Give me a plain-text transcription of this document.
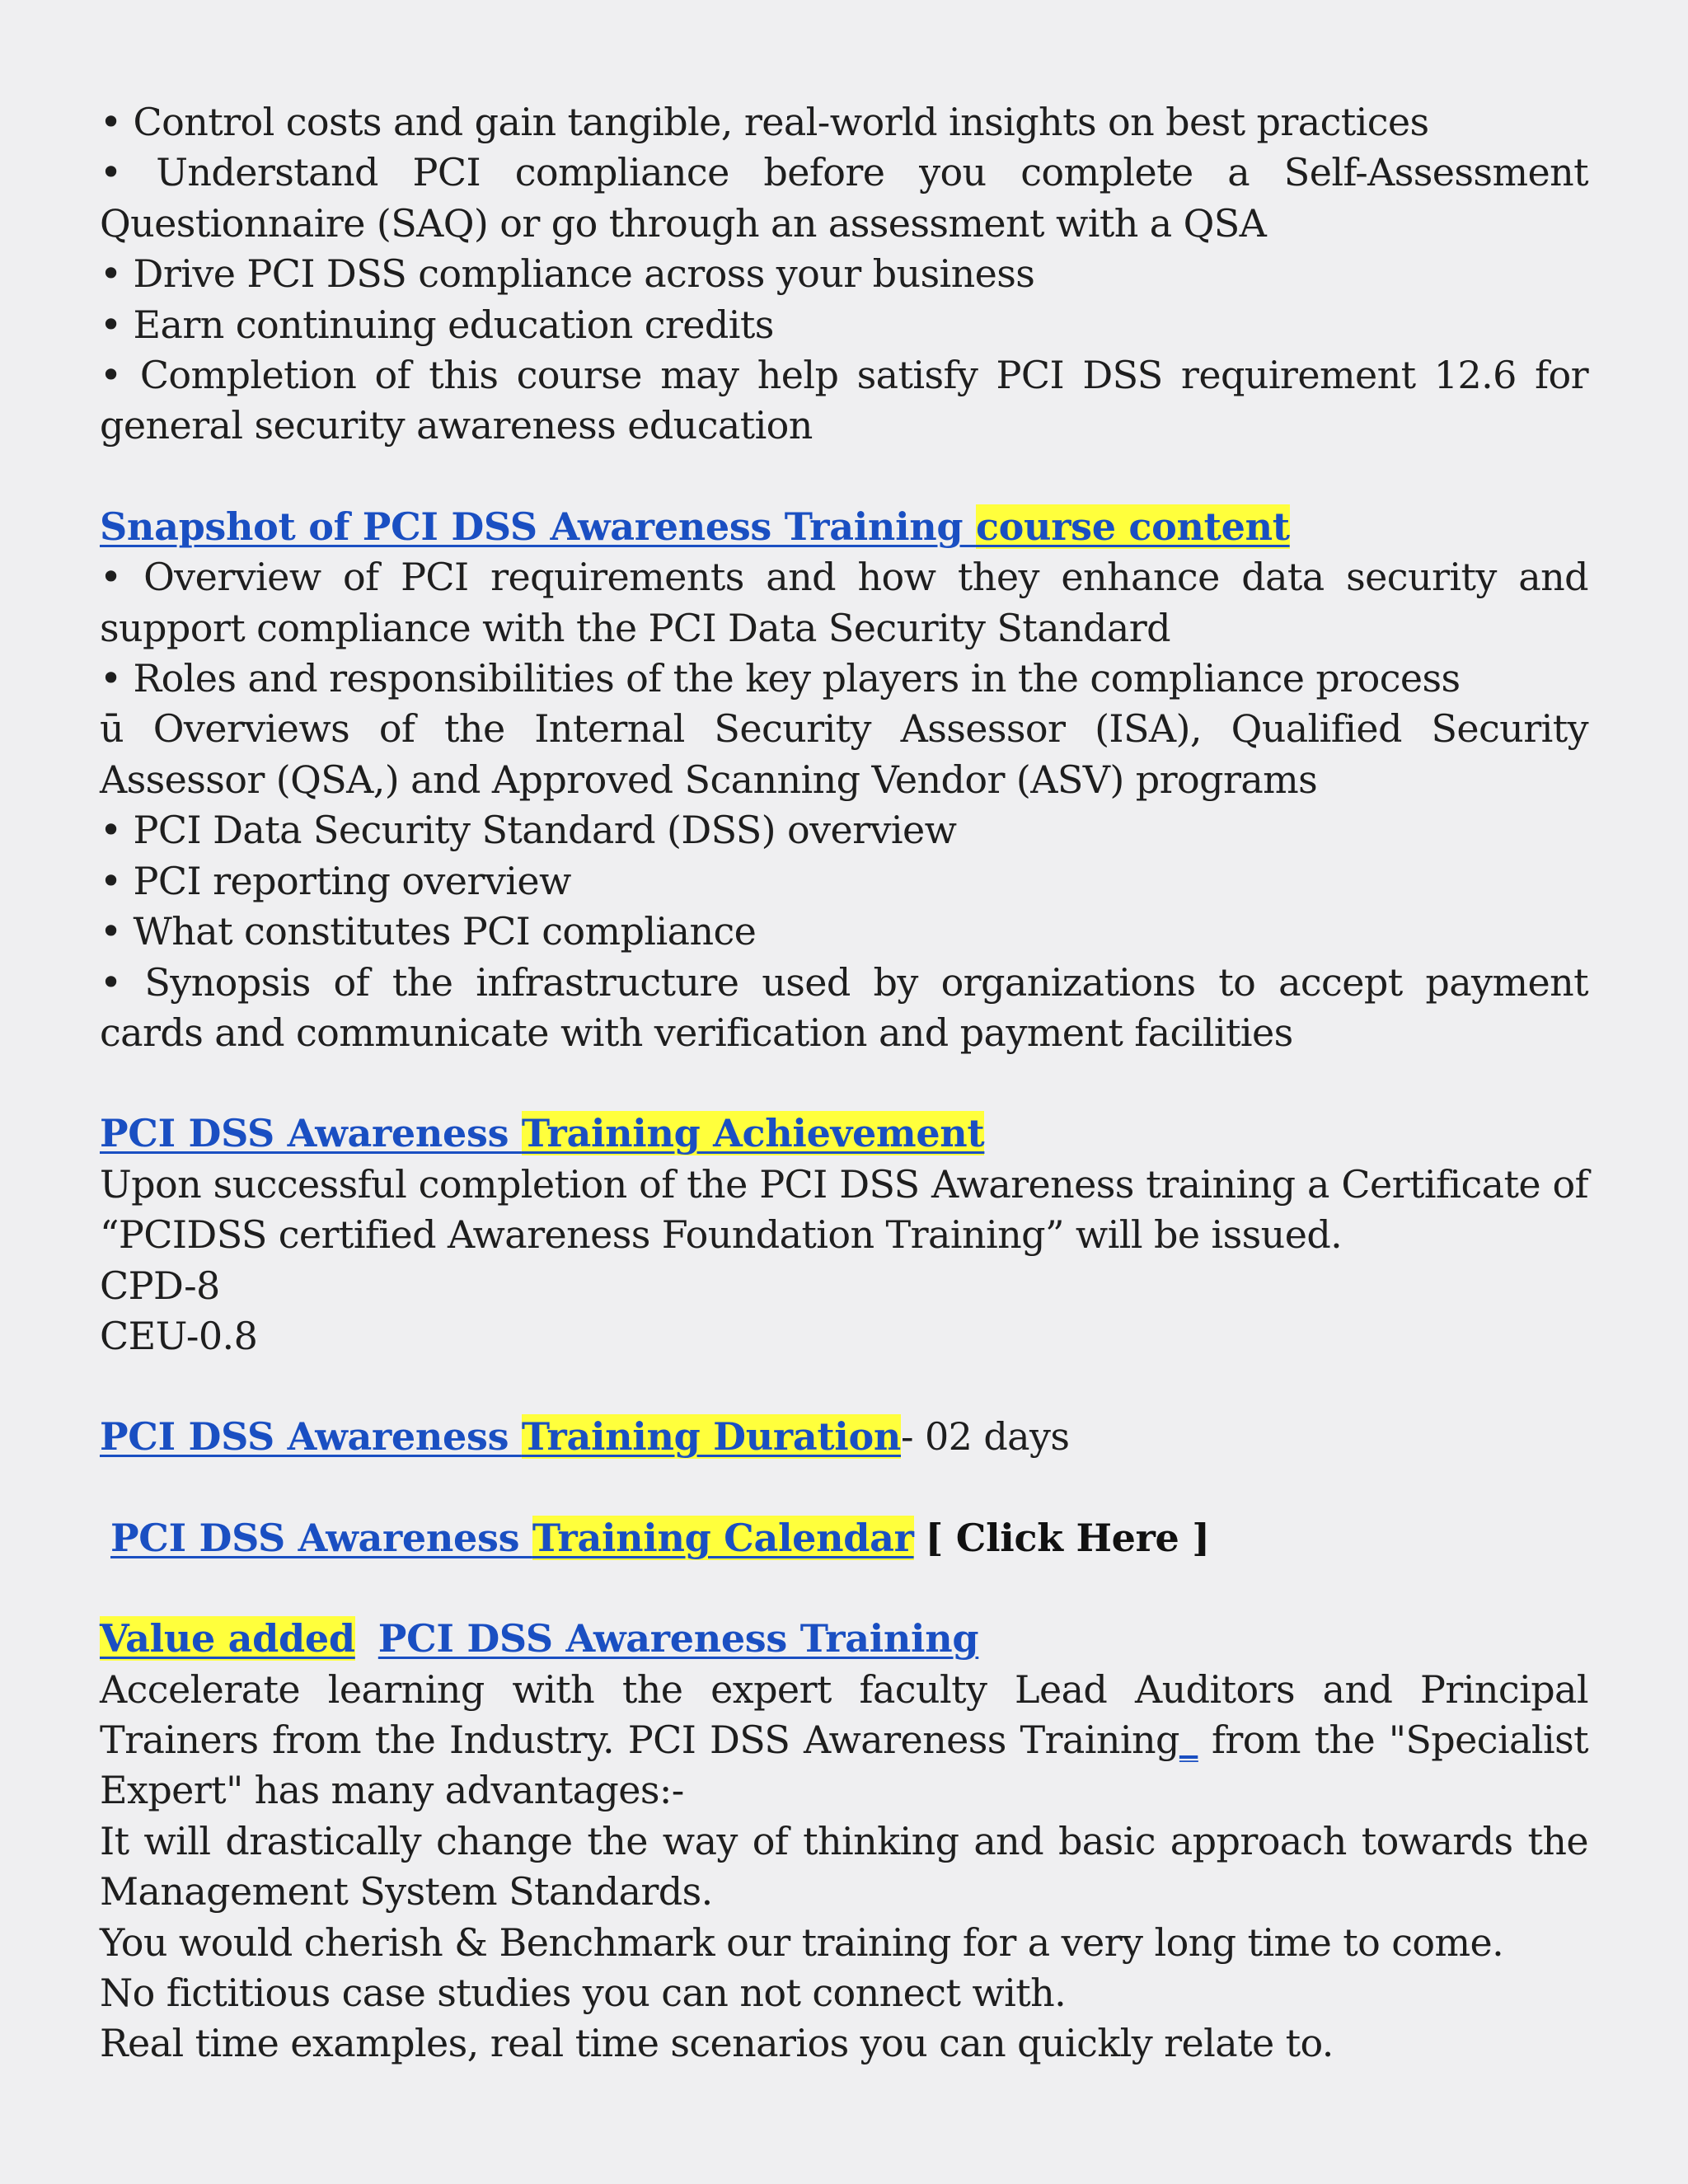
• Control costs and gain tangible, real-world insights on best practices

• Understand PCI compliance before you complete a Self-Assessment Questionnaire (SAQ) or go through an assessment with a QSA

• Drive PCI DSS compliance across your business

• Earn continuing education credits

• Completion of this course may help satisfy PCI DSS requirement 12.6 for general security awareness education

Snapshot of PCI DSS Awareness Training course content

• Overview of PCI requirements and how they enhance data security and support compliance with the PCI Data Security Standard

• Roles and responsibilities of the key players in the compliance process

ū Overviews of the Internal Security Assessor (ISA), Qualified Security Assessor (QSA,) and Approved Scanning Vendor (ASV) programs

• PCI Data Security Standard (DSS) overview

• PCI reporting overview

• What constitutes PCI compliance

• Synopsis of the infrastructure used by organizations to accept payment cards and communicate with verification and payment facilities

PCI DSS Awareness Training Achievement

Upon successful completion of the PCI DSS Awareness training a Certificate of “PCIDSS certified Awareness Foundation Training” will be issued.

CPD-8

CEU-0.8

PCI DSS Awareness Training Duration- 02 days

PCI DSS Awareness Training Calendar [ Click Here ]

Value added PCI DSS Awareness Training

Accelerate learning with the expert faculty Lead Auditors and Principal Trainers from the Industry. PCI DSS Awareness Training_ from the "Specialist Expert" has many advantages:-

It will drastically change the way of thinking and basic approach towards the Management System Standards.

You would cherish & Benchmark our training for a very long time to come.

No fictitious case studies you can not connect with.

Real time examples, real time scenarios you can quickly relate to.
